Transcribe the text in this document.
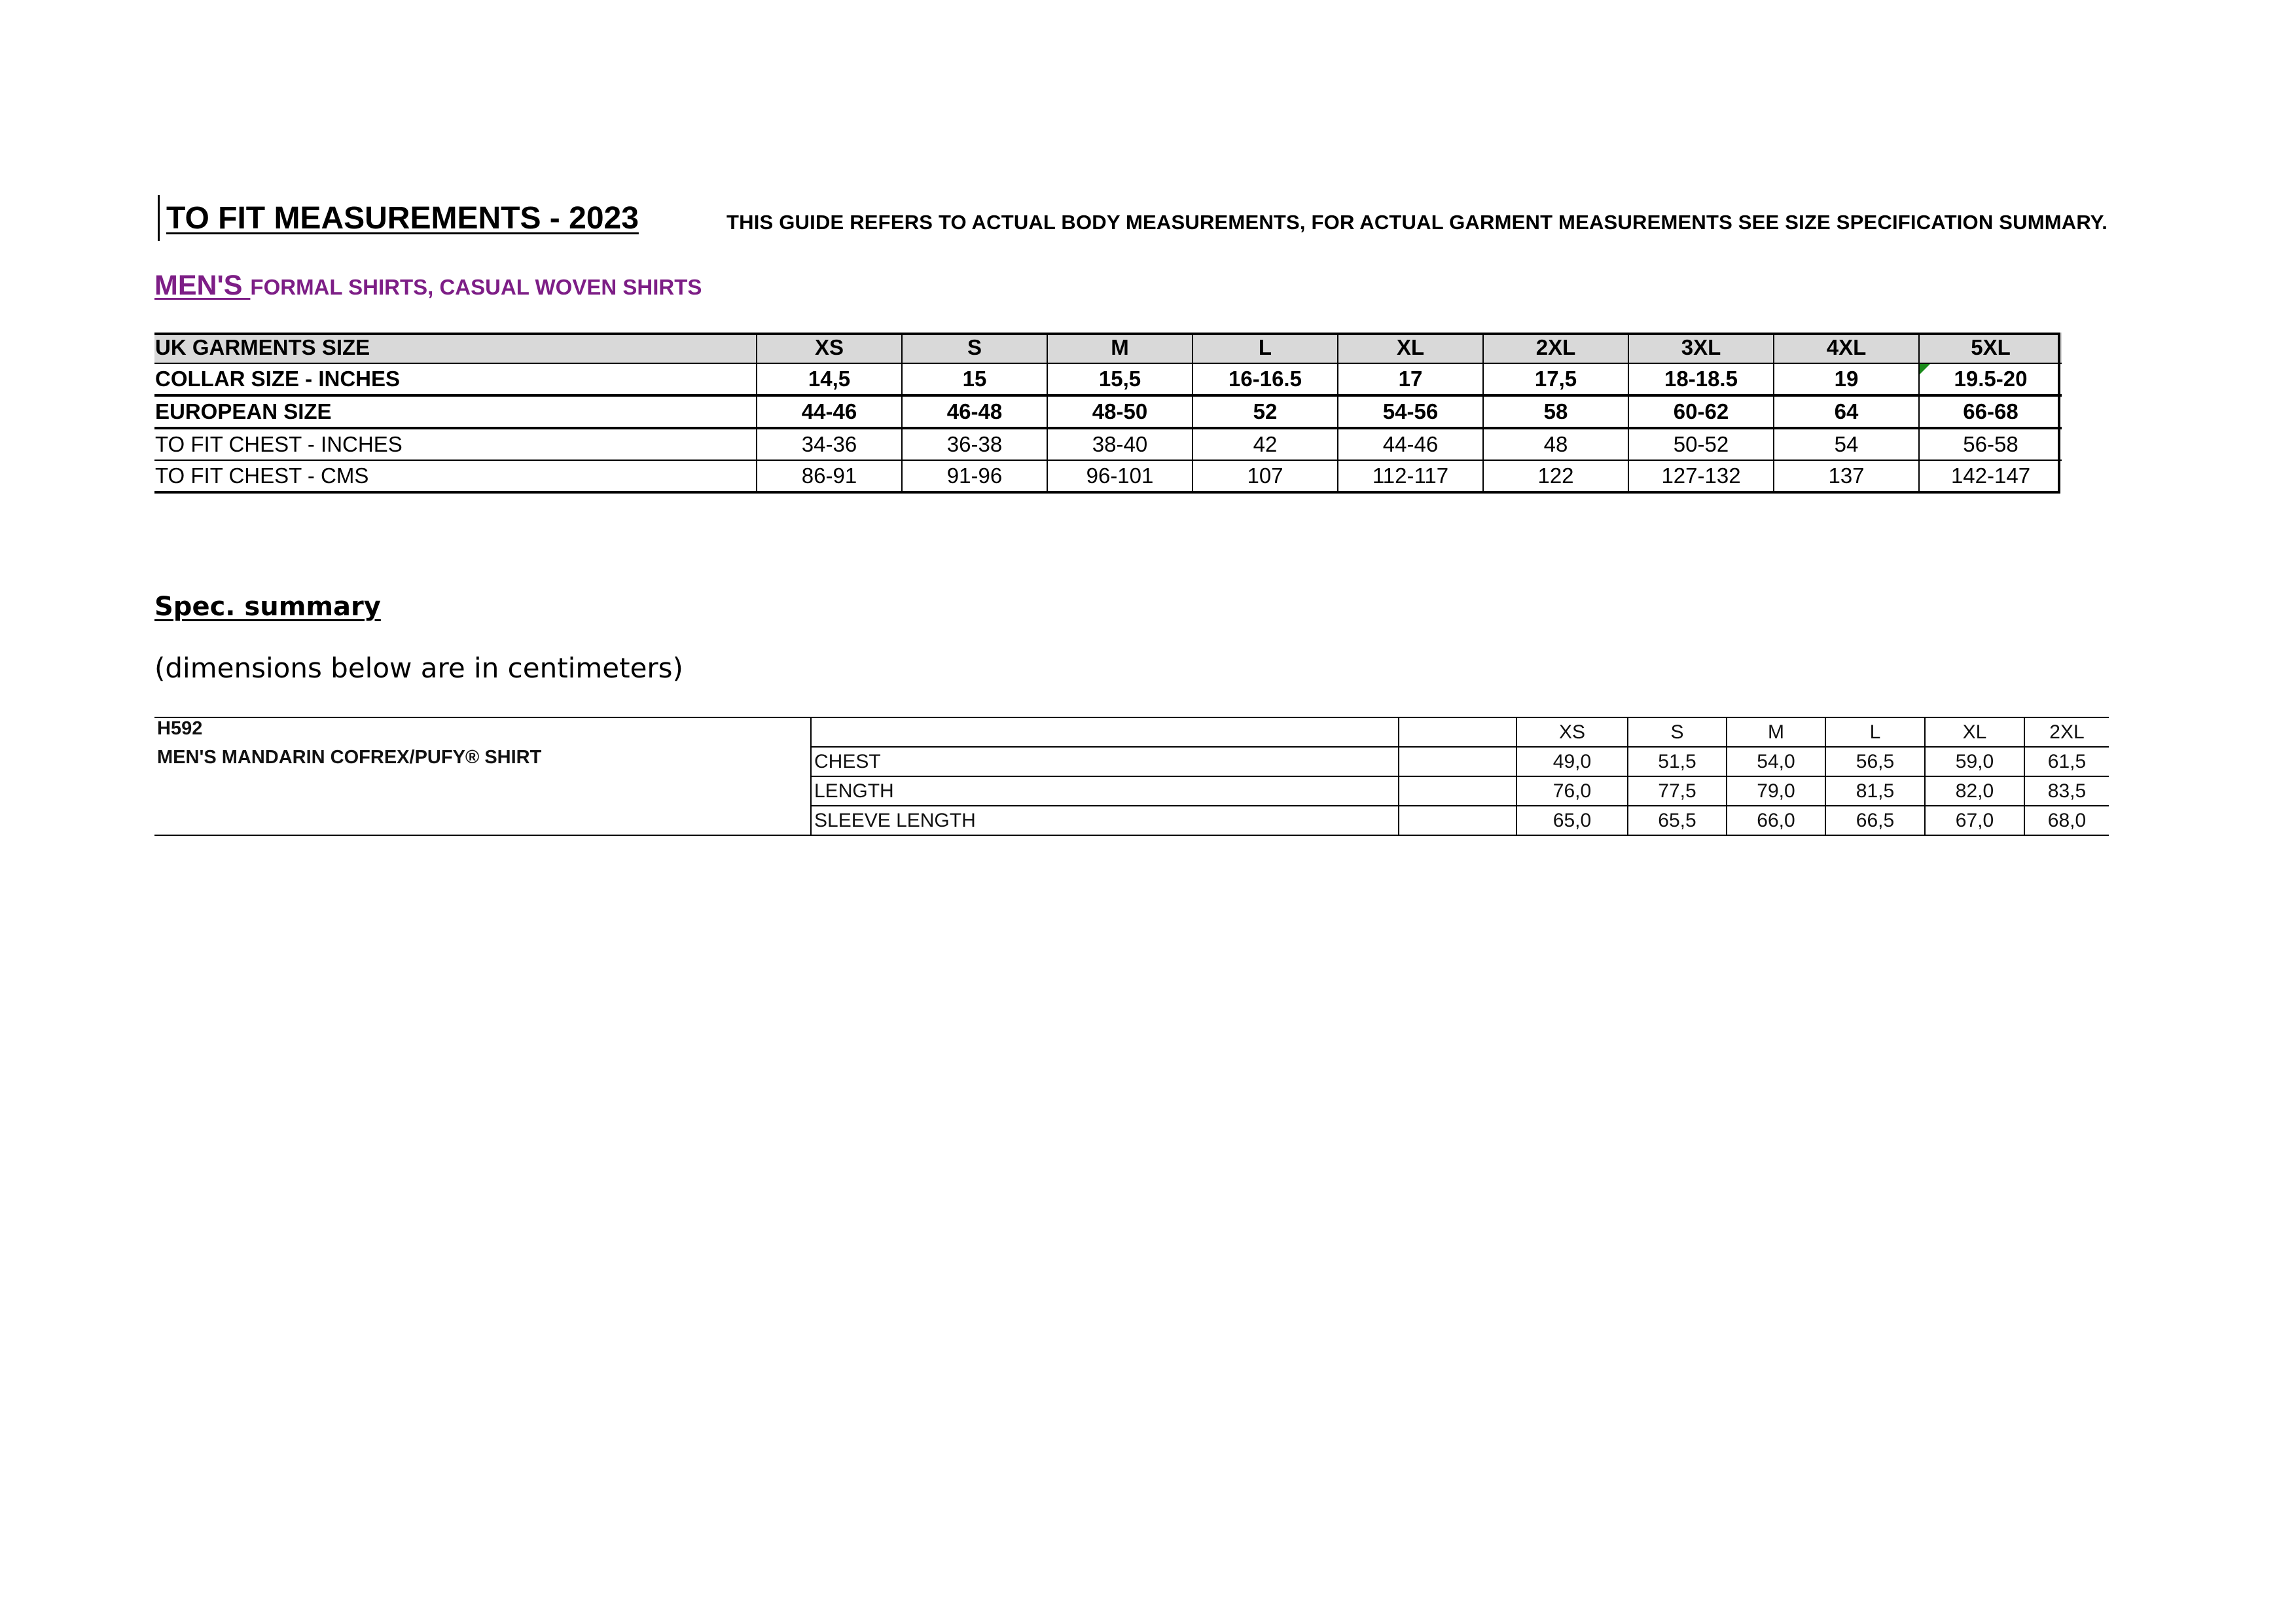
TO FIT MEASUREMENTS - 2023	THIS GUIDE REFERS TO ACTUAL BODY MEASUREMENTS, FOR ACTUAL GARMENT MEASUREMENTS SEE SIZE SPECIFICATION SUMMARY.
MEN'S FORMAL SHIRTS, CASUAL WOVEN SHIRTS
UK GARMENTS SIZE	XS	S	M	L	XL	2XL	3XL	4XL	5XL
COLLAR SIZE - INCHES	14,5	15	15,5	16-16.5	17	17,5	18-18.5	19	19.5-20
EUROPEAN SIZE	44-46	46-48	48-50	52	54-56	58	60-62	64	66-68
TO FIT CHEST - INCHES	34-36	36-38	38-40	42	44-46	48	50-52	54	56-58
TO FIT CHEST - CMS	86-91	91-96	96-101	107	112-117	122	127-132	137	142-147
Spec. summary
(dimensions below are in centimeters)
H592			XS	S	M	L	XL	2XL
MEN'S MANDARIN COFREX/PUFY® SHIRT	CHEST		49,0	51,5	54,0	56,5	59,0	61,5
	LENGTH		76,0	77,5	79,0	81,5	82,0	83,5
	SLEEVE LENGTH		65,0	65,5	66,0	66,5	67,0	68,0
